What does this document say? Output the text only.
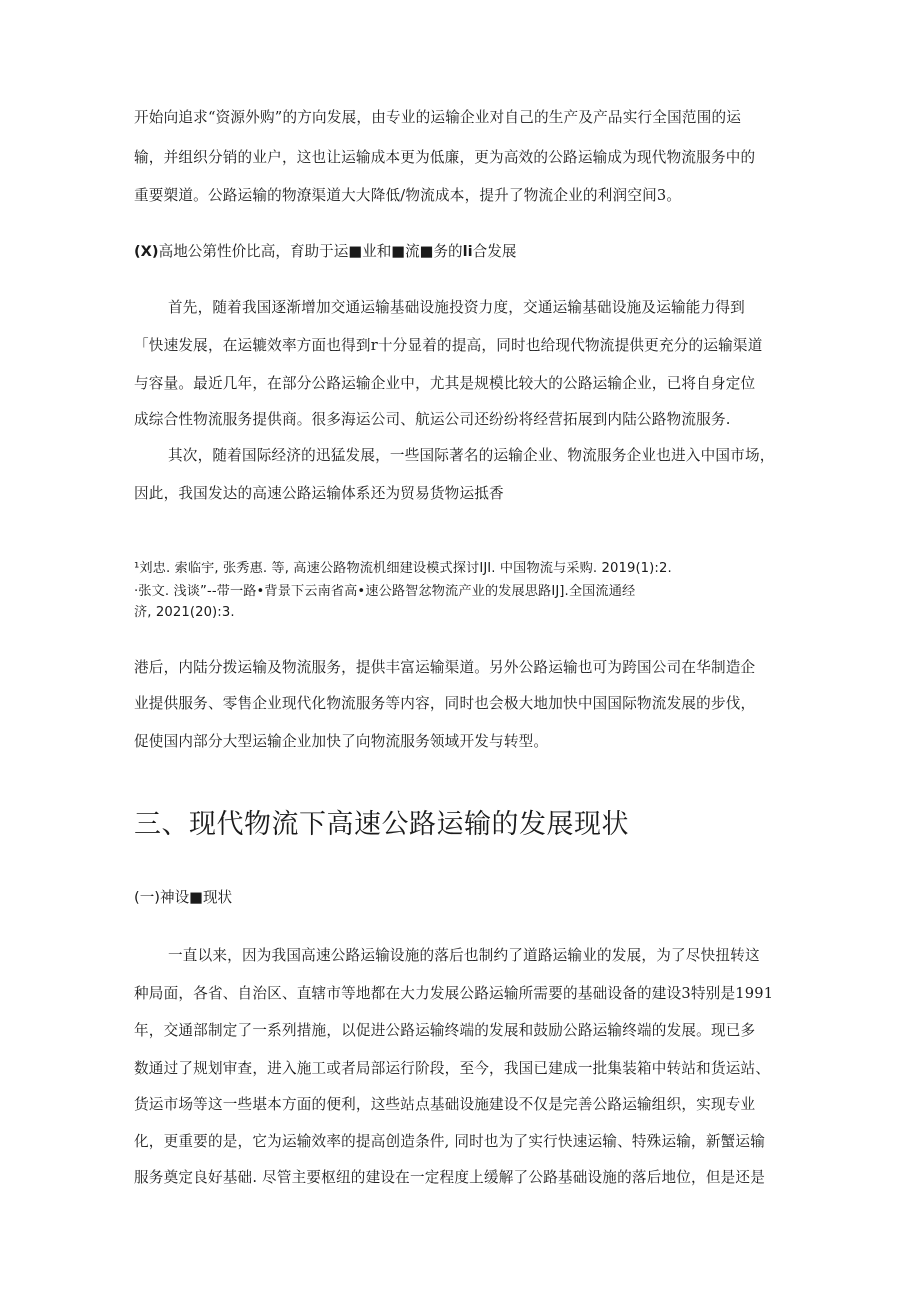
开始向追求“资源外购”的方向发展，由专业的运输企业对自己的生产及产品实行全国范围的运
输，并组织分销的业户，这也让运输成本更为低廉，更为高效的公路运输成为现代物流服务中的
重要槊道。公路运输的物潦渠道大大降低/物流成本，提升了物流企业的利润空间3。
(X)高地公第性价比高，育助于运■业和■流■务的li合发展
首先，随着我国逐渐增加交通运输基础设施投资力度，交通运输基础设施及运输能力得到
「快速发展，在运辘效率方面也得到r十分显着的提高，同时也给现代物流提供更充分的运输渠道
与容量。最近几年，在部分公路运输企业中，尤其是规模比较大的公路运输企业，已将自身定位
成综合性物流服务提供商。很多海运公司、航运公司还纷纷将经营拓展到内陆公路物流服务.
其次，随着国际经济的迅猛发展，一些国际著名的运输企业、物流服务企业也进入中国市场，
因此，我国发达的高速公路运输体系还为贸易货物运抵香
¹刘忠. 索临宇, 张秀惠. 等, 高速公路物流机细建设模式探讨IJI. 中国物流与采购. 2019(1):2.
·张文. 浅谈”--带一路•背景下云南省高•速公路智忿物流产业的发展思路IJ].全国流通经
济, 2021(20):3.
港后，内陆分拨运输及物流服务，提供丰富运输渠道。另外公路运输也可为跨国公司在华制造企
业提供服务、零售企业现代化物流服务等内容，同时也会极大地加快中国国际物流发展的步伐，
促使国内部分大型运输企业加快了向物流服务领域开发与转型。
三、现代物流下高速公路运输的发展现状
(一)神设■现状
一直以来，因为我国高速公路运输设施的落后也制约了道路运输业的发展，为了尽快扭转这
种局面，各省、自治区、直辖市等地都在大力发展公路运输所需要的基础设备的建设3特别是1991
年，交通部制定了一系列措施，以促进公路运输终端的发展和鼓励公路运输终端的发展。现已多
数通过了规划审查，进入施工或者局部运行阶段，至今，我国已建成一批集装箱中转站和货运站、
货运市场等这一些堪本方面的便利，这些站点基础设施建设不仅是完善公路运输组织，实现专业
化，更重要的是，它为运输效率的提高创造条件, 同时也为了实行快速运输、特殊运输，新蟹运输
服务奠定良好基础. 尽管主要枢纽的建设在一定程度上缓解了公路基础设施的落后地位，但是还是
